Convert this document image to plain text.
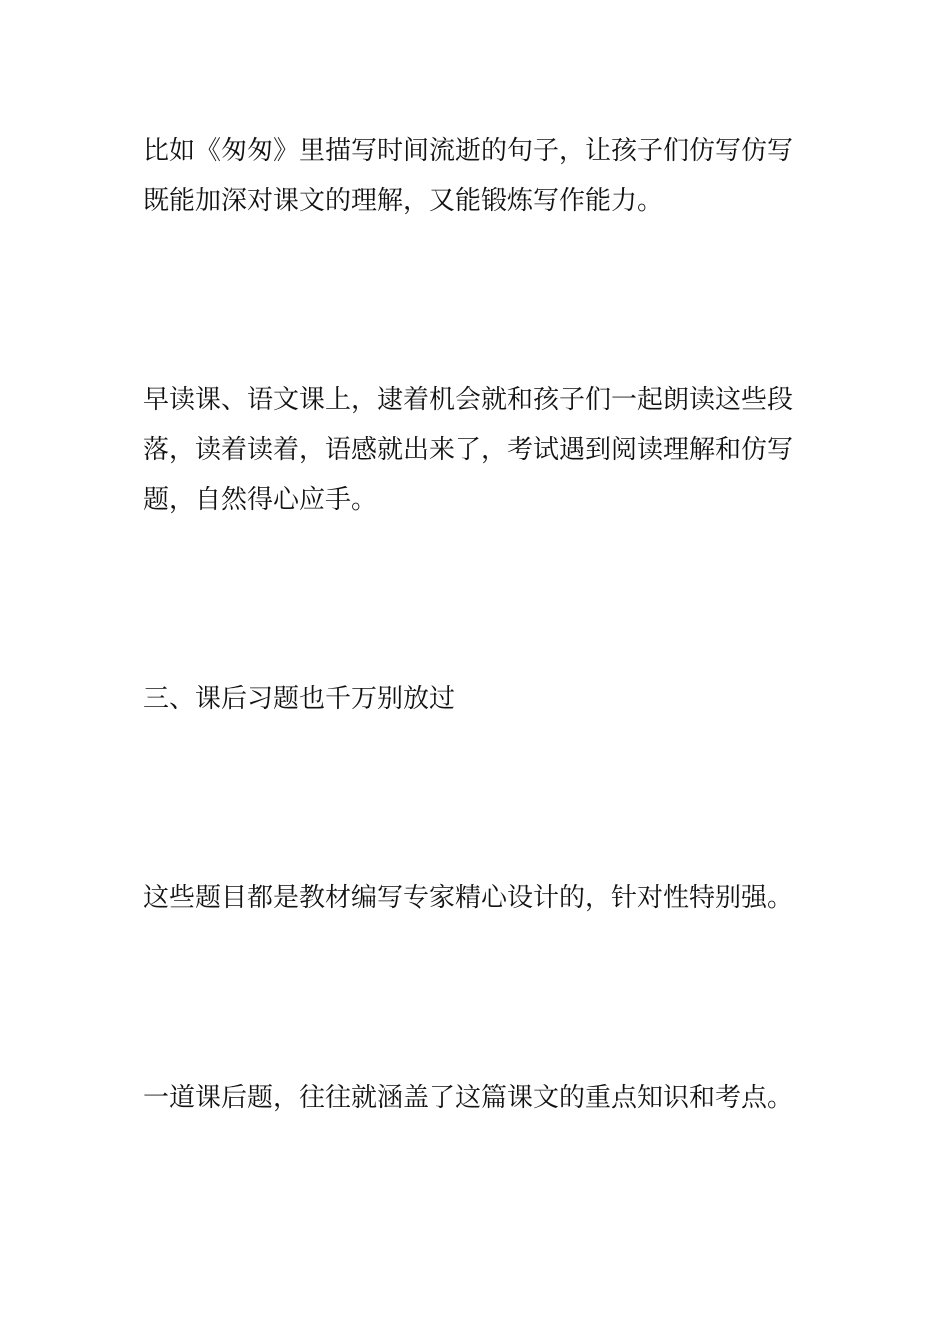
比如《匆匆》里描写时间流逝的句子，让孩子们仿写仿写
既能加深对课文的理解，又能锻炼写作能力。

早读课、语文课上，逮着机会就和孩子们一起朗读这些段
落，读着读着，语感就出来了，考试遇到阅读理解和仿写
题，自然得心应手。

三、课后习题也千万别放过

这些题目都是教材编写专家精心设计的，针对性特别强。

一道课后题，往往就涵盖了这篇课文的重点知识和考点。
